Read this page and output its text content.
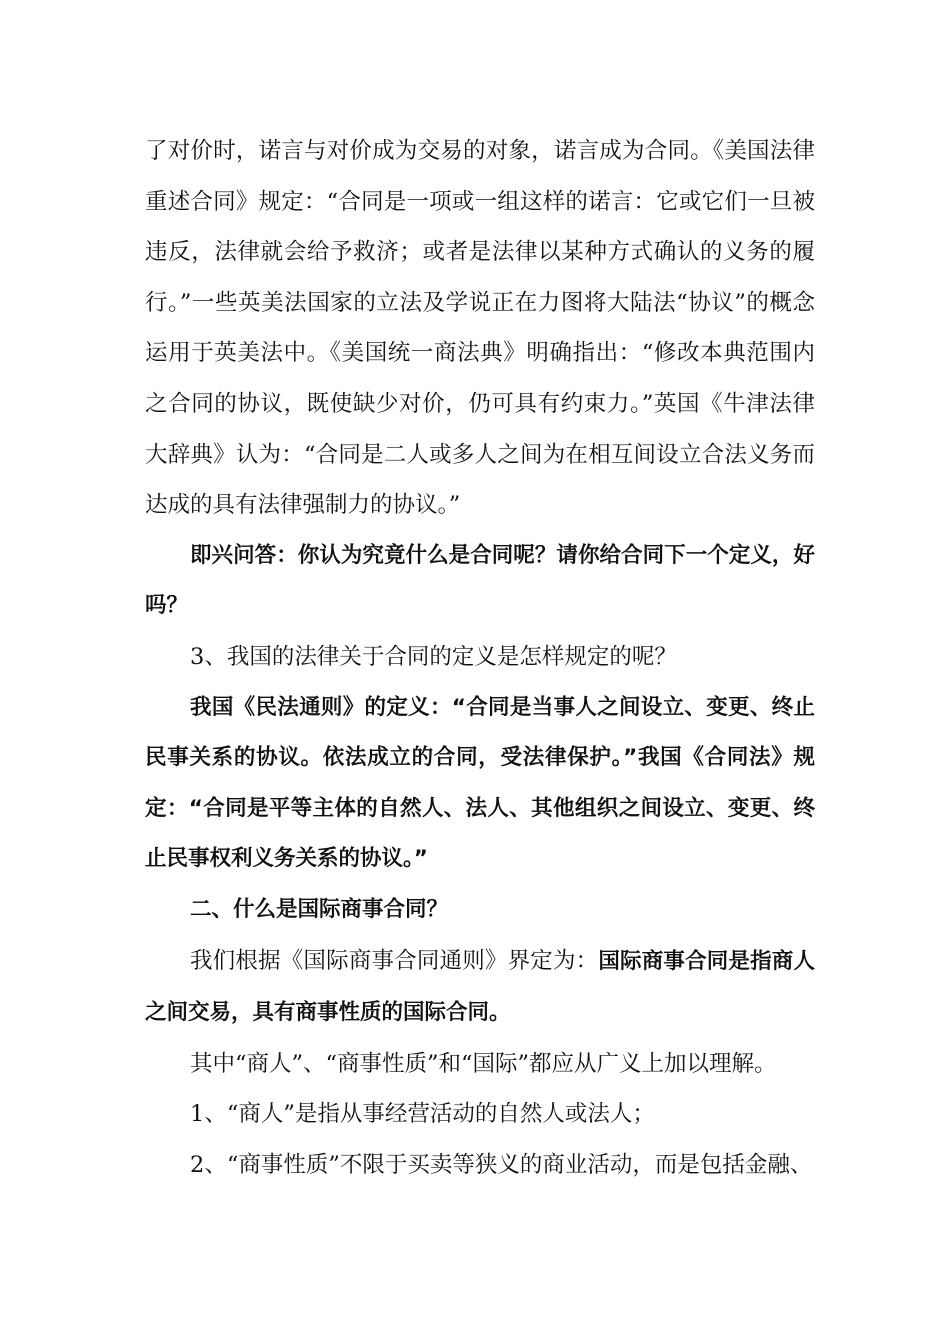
了对价时，诺言与对价成为交易的对象，诺言成为合同。《美国法律重述合同》规定：“合同是一项或一组这样的诺言：它或它们一旦被违反，法律就会给予救济；或者是法律以某种方式确认的义务的履行。”一些英美法国家的立法及学说正在力图将大陆法“协议”的概念运用于英美法中。《美国统一商法典》明确指出：“修改本典范围内之合同的协议，既使缺少对价，仍可具有约束力。”英国《牛津法律大辞典》认为：“合同是二人或多人之间为在相互间设立合法义务而达成的具有法律强制力的协议。”

即兴问答：你认为究竟什么是合同呢？请你给合同下一个定义，好吗？

3、我国的法律关于合同的定义是怎样规定的呢？

我国《民法通则》的定义：“合同是当事人之间设立、变更、终止民事关系的协议。依法成立的合同，受法律保护。”我国《合同法》规定：“合同是平等主体的自然人、法人、其他组织之间设立、变更、终止民事权利义务关系的协议。”

二、什么是国际商事合同？

我们根据《国际商事合同通则》界定为：国际商事合同是指商人之间交易，具有商事性质的国际合同。

其中“商人”、“商事性质”和“国际”都应从广义上加以理解。

1、“商人”是指从事经营活动的自然人或法人；

2、“商事性质”不限于买卖等狭义的商业活动，而是包括金融、
